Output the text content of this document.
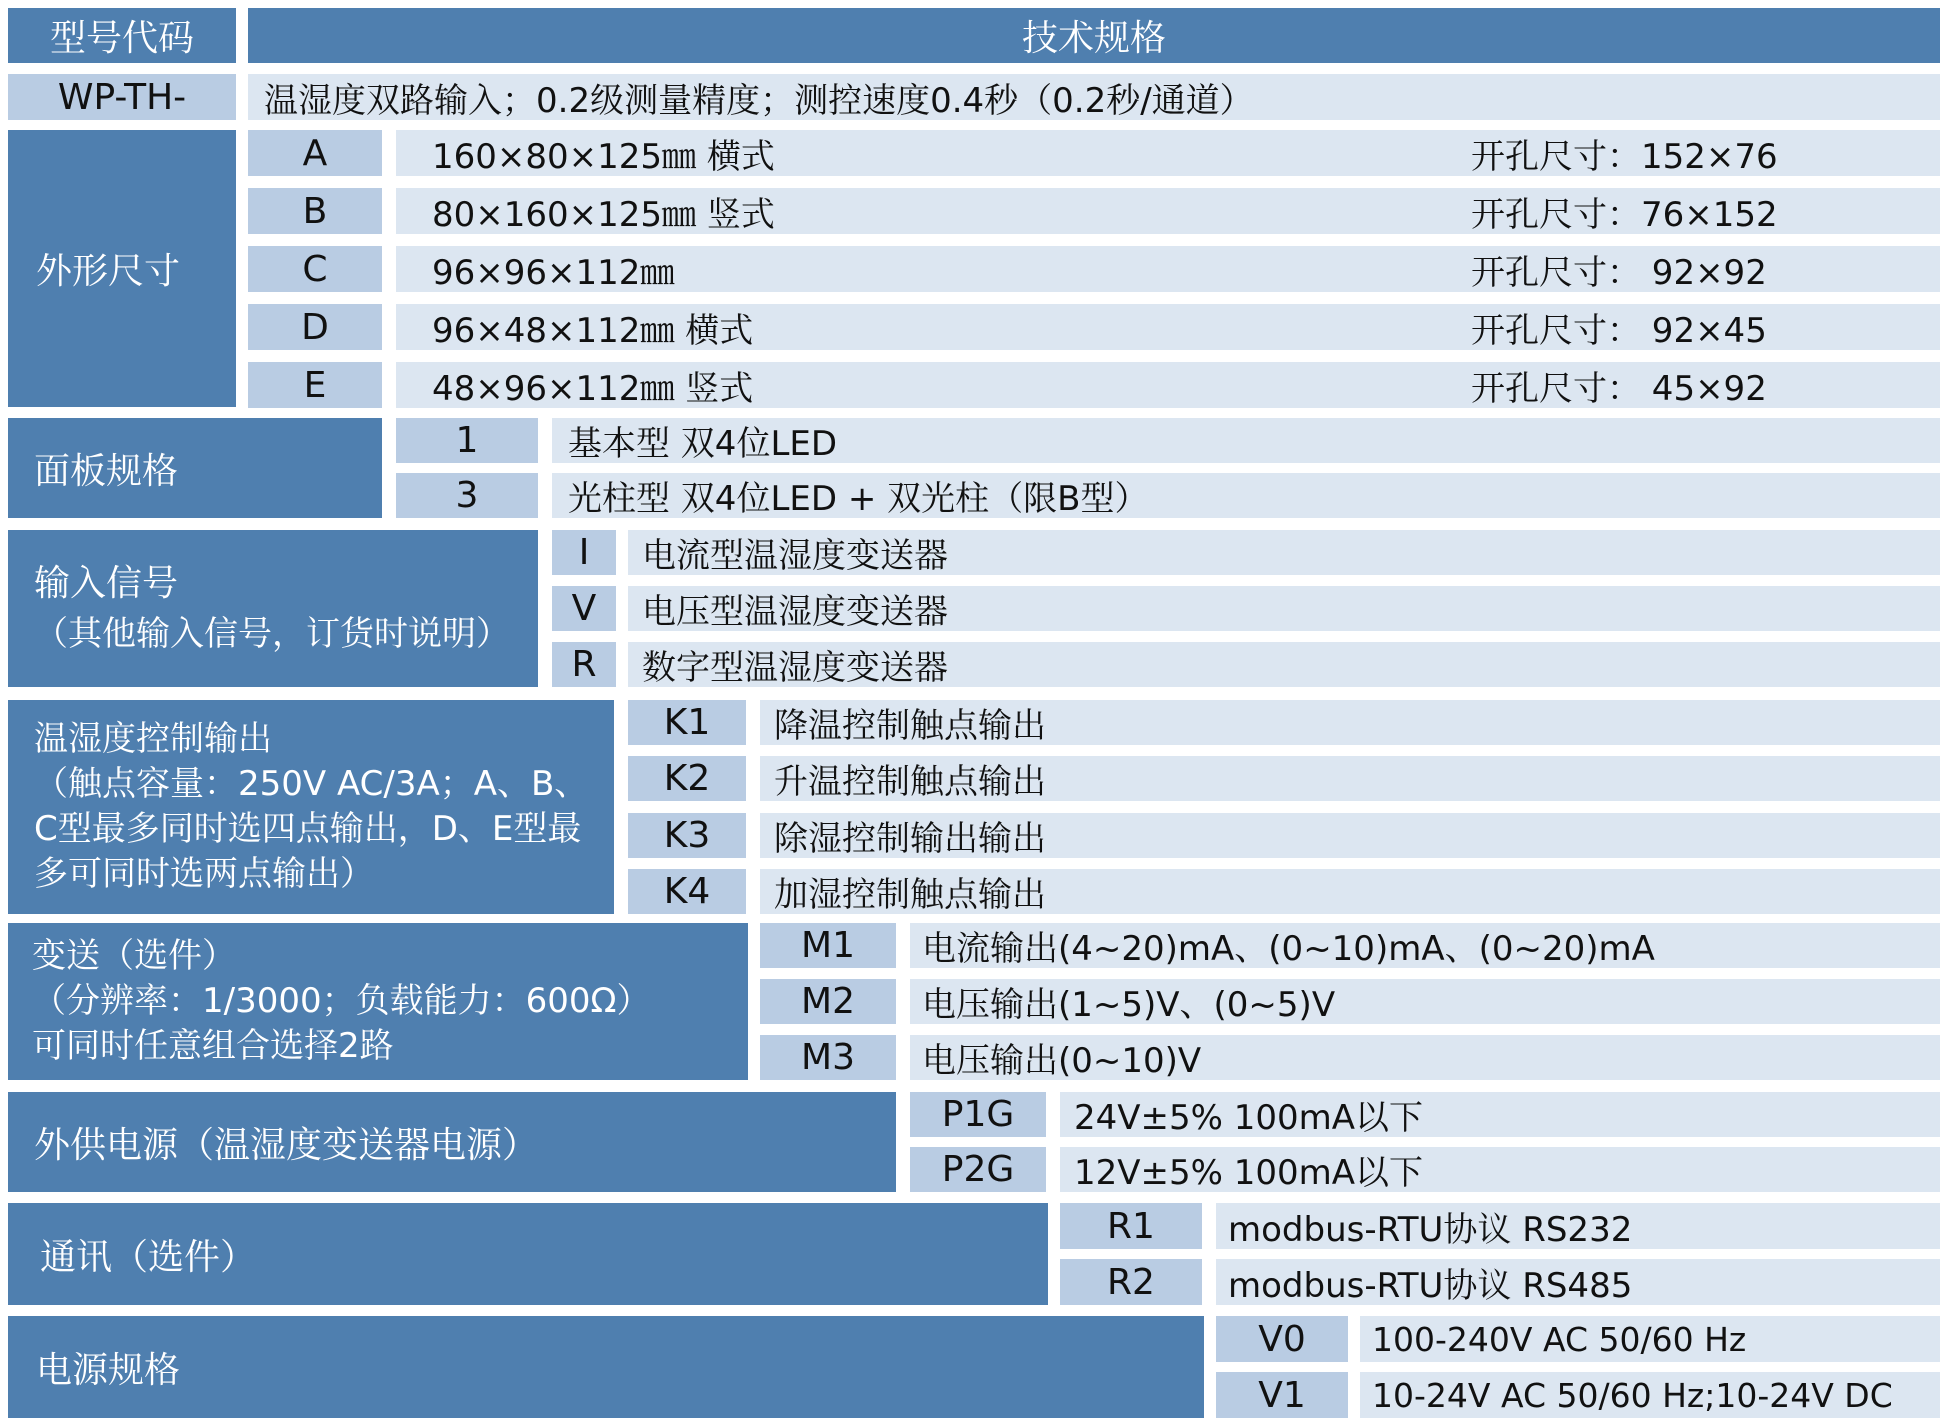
型号代码	技术规格
WP-TH-	温湿度双路输入；0.2级测量精度；测控速度0.4秒（0.2秒/通道）
外形尺寸
A	160×80×125㎜ 横式	开孔尺寸：152×76
B	80×160×125㎜ 竖式	开孔尺寸：76×152
C	96×96×112㎜	开孔尺寸： 92×92
D	96×48×112㎜ 横式	开孔尺寸： 92×45
E	48×96×112㎜ 竖式	开孔尺寸： 45×92
面板规格
1	基本型 双4位LED
3	光柱型 双4位LED + 双光柱（限B型）
输入信号
（其他输入信号，订货时说明）
I	电流型温湿度变送器
V	电压型温湿度变送器
R	数字型温湿度变送器
温湿度控制输出
（触点容量：250V AC/3A；A、B、
C型最多同时选四点输出，D、E型最
多可同时选两点输出）
K1	降温控制触点输出
K2	升温控制触点输出
K3	除湿控制输出输出
K4	加湿控制触点输出
变送（选件）
（分辨率：1/3000；负载能力：600Ω）
可同时任意组合选择2路
M1	电流输出(4~20)mA、(0~10)mA、(0~20)mA
M2	电压输出(1~5)V、(0~5)V
M3	电压输出(0~10)V
外供电源（温湿度变送器电源）
P1G	24V±5% 100mA以下
P2G	12V±5% 100mA以下
通讯（选件）
R1	modbus-RTU协议 RS232
R2	modbus-RTU协议 RS485
电源规格
V0	100-240V AC 50/60 Hz
V1	10-24V AC 50/60 Hz;10-24V DC
